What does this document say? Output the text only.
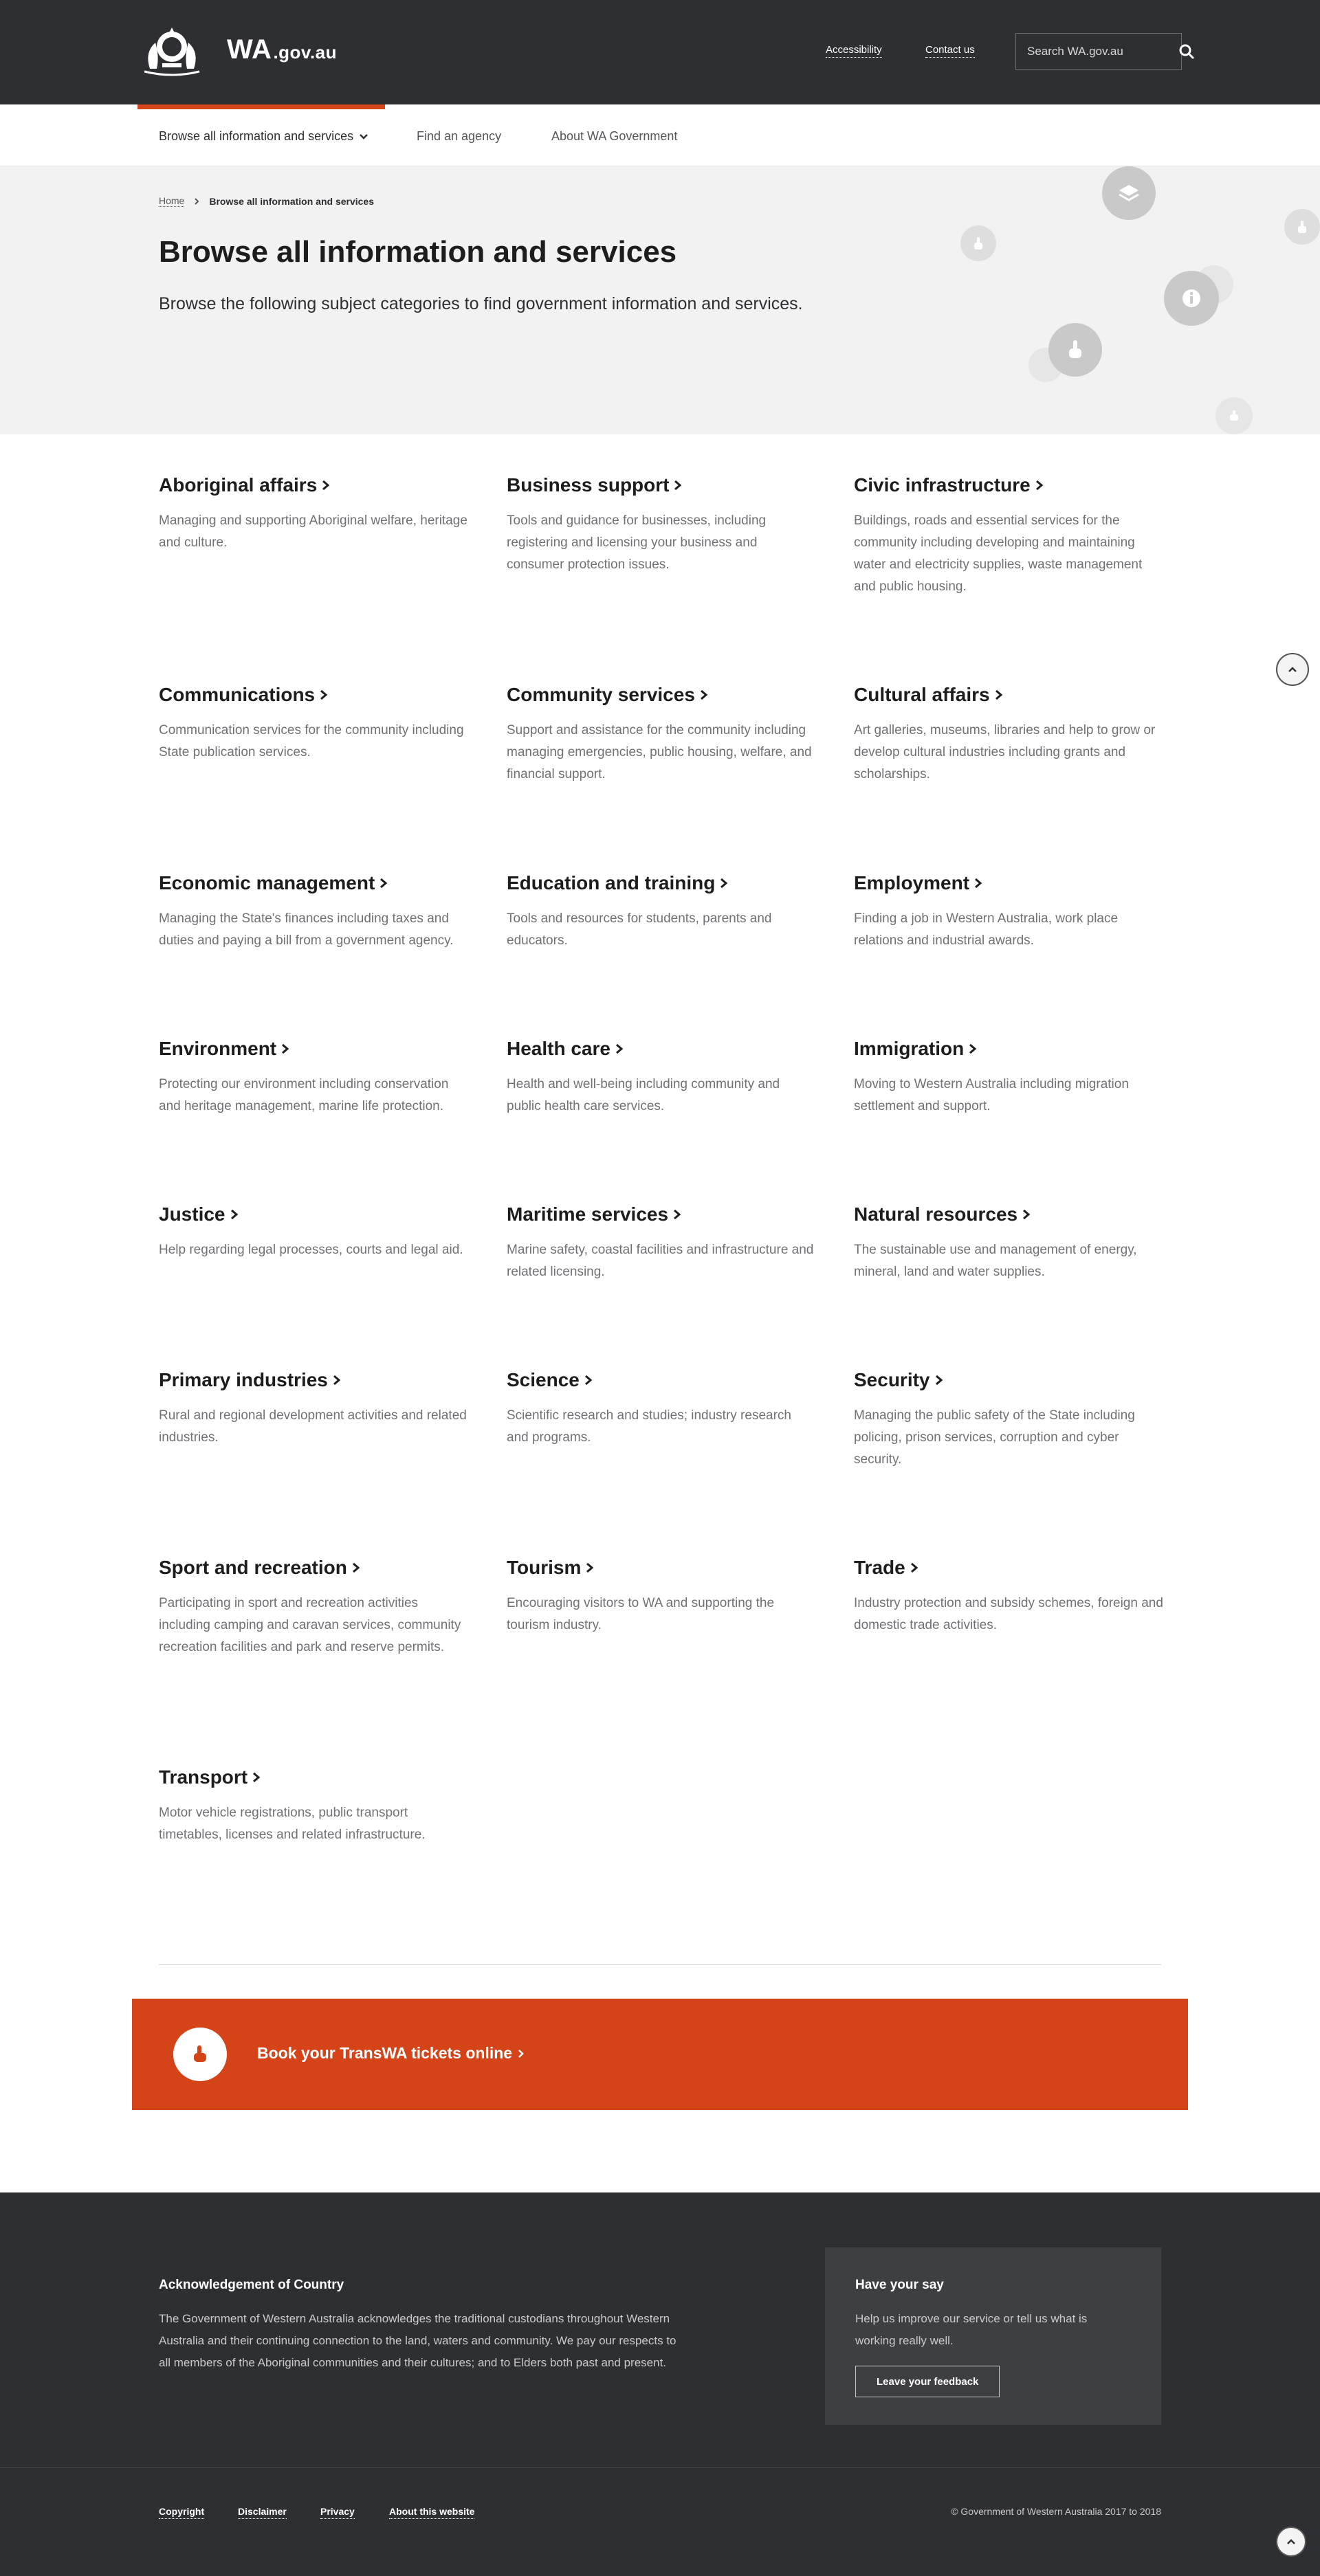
WA.gov.au	Accessibility	Contact us
Search WA.gov.au
Browse all information and services	Find an agency	About WA Government
Home	Browse all information and services
Browse all information and services

Browse the following subject categories to find government information and services.

Aboriginal affairs

Managing and supporting Aboriginal welfare, heritage and culture.

Business support

Tools and guidance for businesses, including registering and licensing your business and consumer protection issues.

Civic infrastructure

Buildings, roads and essential services for the community including developing and maintaining water and electricity supplies, waste management and public housing.

Communications

Communication services for the community including State publication services.

Community services

Support and assistance for the community including managing emergencies, public housing, welfare, and financial support.

Cultural affairs

Art galleries, museums, libraries and help to grow or develop cultural industries including grants and scholarships.

Economic management

Managing the State's finances including taxes and duties and paying a bill from a government agency.

Education and training

Tools and resources for students, parents and educators.

Employment

Finding a job in Western Australia, work place relations and industrial awards.

Environment

Protecting our environment including conservation and heritage management, marine life protection.

Health care

Health and well-being including community and public health care services.

Immigration

Moving to Western Australia including migration settlement and support.

Justice

Help regarding legal processes, courts and legal aid.

Maritime services

Marine safety, coastal facilities and infrastructure and related licensing.

Natural resources

The sustainable use and management of energy, mineral, land and water supplies.

Primary industries

Rural and regional development activities and related industries.

Science

Scientific research and studies; industry research and programs.

Security

Managing the public safety of the State including policing, prison services, corruption and cyber security.

Sport and recreation

Participating in sport and recreation activities including camping and caravan services, community recreation facilities and park and reserve permits.

Tourism

Encouraging visitors to WA and supporting the tourism industry.

Trade

Industry protection and subsidy schemes, foreign and domestic trade activities.

Transport

Motor vehicle registrations, public transport timetables, licenses and related infrastructure.

Book your TransWA tickets online
Acknowledgement of Country

The Government of Western Australia acknowledges the traditional custodians throughout Western Australia and their continuing connection to the land, waters and community. We pay our respects to all members of the Aboriginal communities and their cultures; and to Elders both past and present.

Have your say

Help us improve our service or tell us what is working really well.

Leave your feedback
Copyright	Disclaimer	Privacy	About this website	© Government of Western Australia 2017 to 2018
